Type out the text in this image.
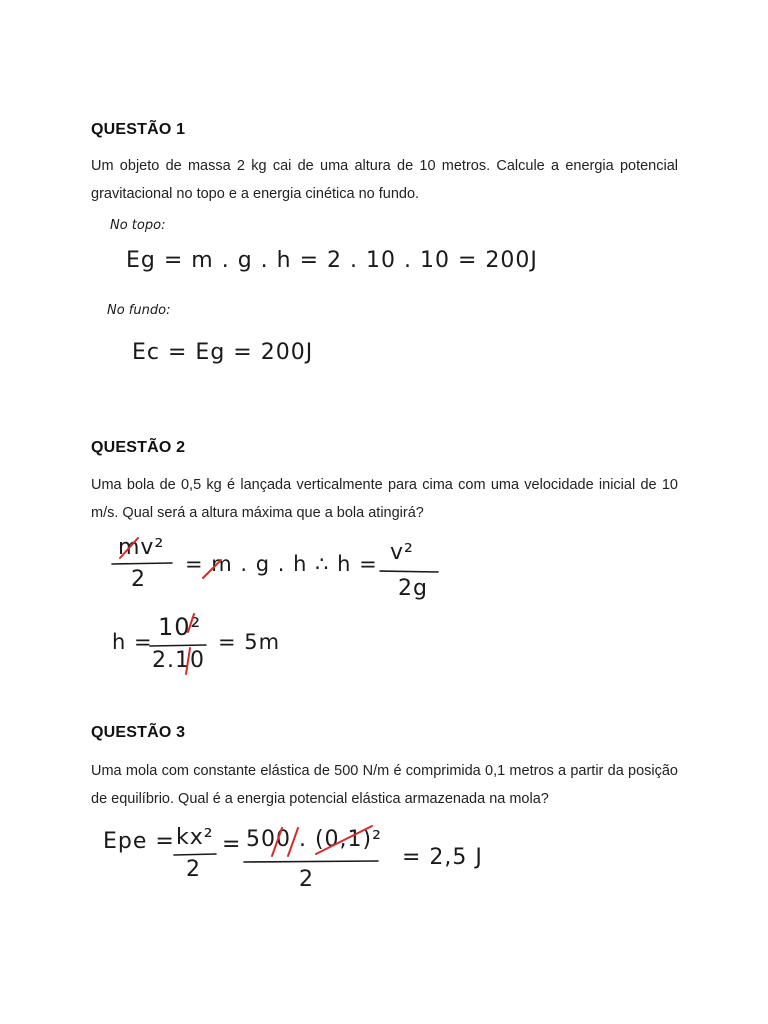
QUESTÃO 1

Um objeto de massa 2 kg cai de uma altura de 10 metros. Calcule a energia potencial gravitacional no topo e a energia cinética no fundo.

No topo:
Eg = m . g . h = 2 . 10 . 10 = 200J
No fundo:
Ec = Eg = 200J
QUESTÃO 2

Uma bola de 0,5 kg é lançada verticalmente para cima com uma velocidade inicial de 10 m/s. Qual será a altura máxima que a bola atingirá?

mv²
2
= m . g . h ∴ h = v²
2g
h =
10²
2.10
= 5m
QUESTÃO 3

Uma mola com constante elástica de 500 N/m é comprimida 0,1 metros a partir da posição de equilíbrio. Qual é a energia potencial elástica armazenada na mola?

Epe = kx²
2
= 500 . (0,1)²
2
= 2,5 J
